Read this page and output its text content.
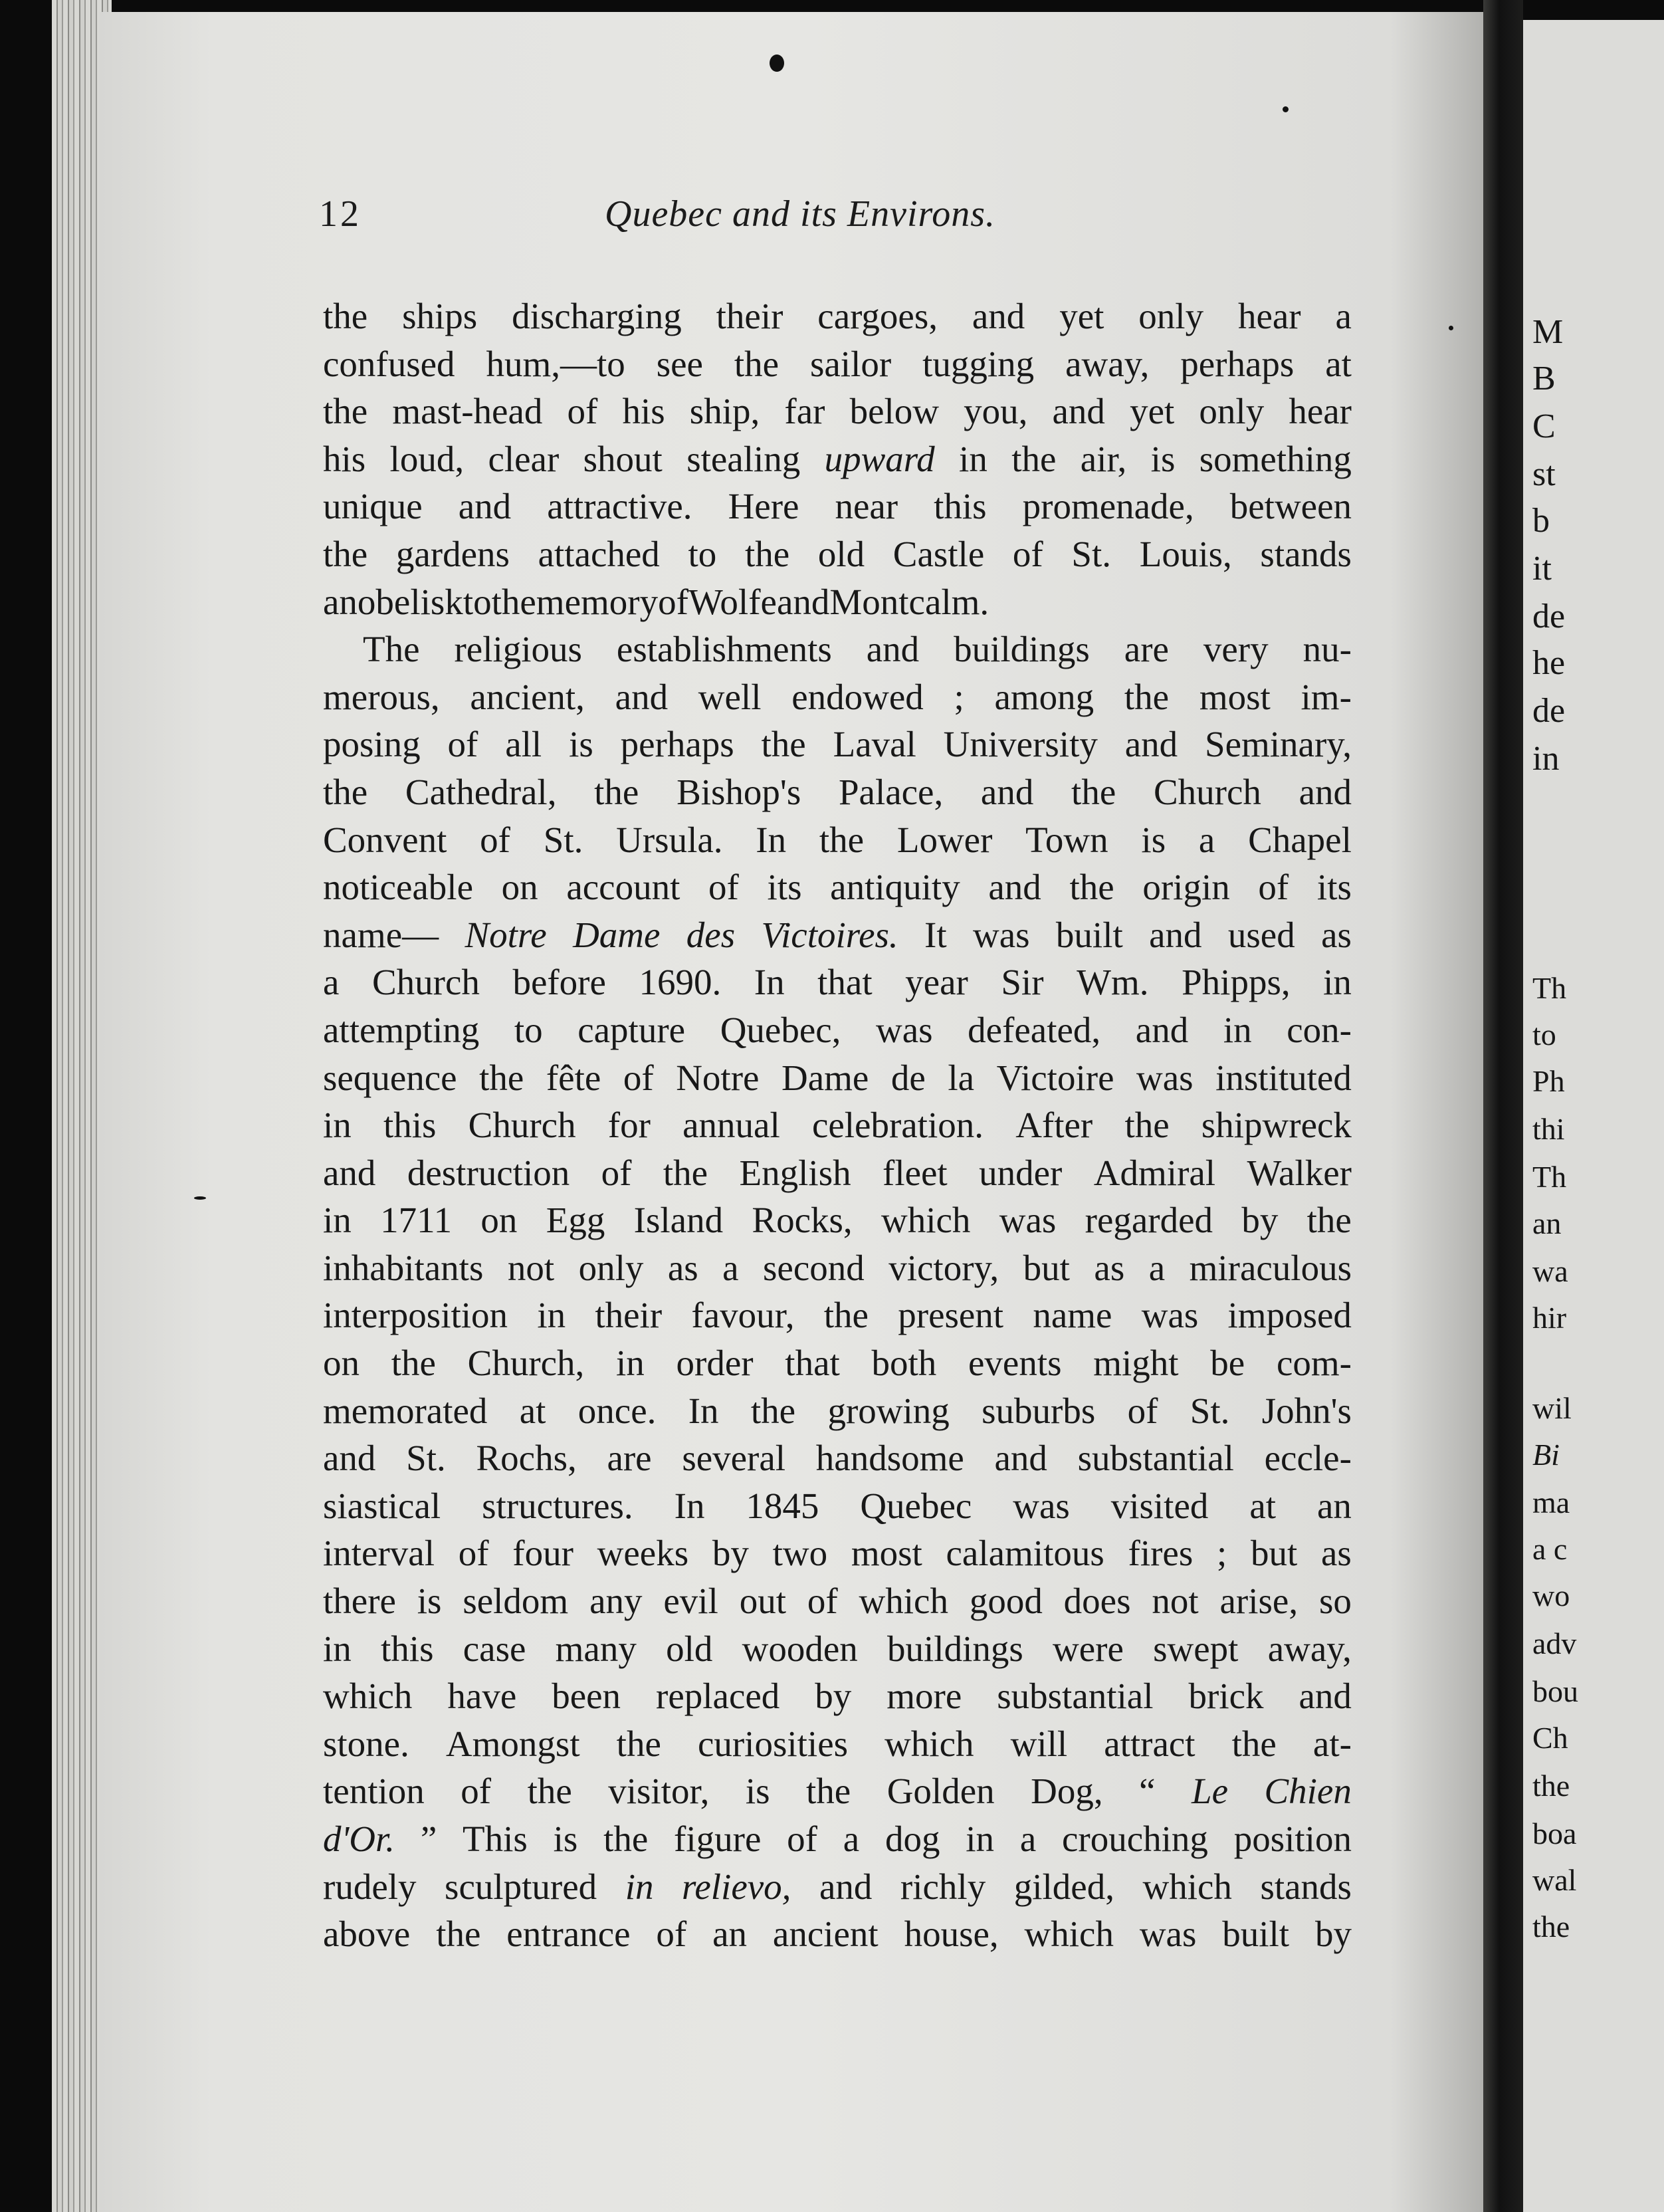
12	Quebec and its Environs.
the ships discharging their cargoes, and yet only hear a
confused hum,—to see the sailor tugging away, perhaps at
the mast-head of his ship, far below you, and yet only hear
his loud, clear shout stealing upward in the air, is something
unique and attractive. Here near this promenade, between
the gardens attached to the old Castle of St. Louis, stands
an obelisk to the memory of Wolfe and Montcalm.
The religious establishments and buildings are very nu-
merous, ancient, and well endowed ; among the most im-
posing of all is perhaps the Laval University and Seminary,
the Cathedral, the Bishop's Palace, and the Church and
Convent of St. Ursula. In the Lower Town is a Chapel
noticeable on account of its antiquity and the origin of its
name— Notre Dame des Victoires. It was built and used as
a Church before 1690. In that year Sir Wm. Phipps, in
attempting to capture Quebec, was defeated, and in con-
sequence the fête of Notre Dame de la Victoire was instituted
in this Church for annual celebration. After the shipwreck
and destruction of the English fleet under Admiral Walker
in 1711 on Egg Island Rocks, which was regarded by the
inhabitants not only as a second victory, but as a miraculous
interposition in their favour, the present name was imposed
on the Church, in order that both events might be com-
memorated at once. In the growing suburbs of St. John's
and St. Rochs, are several handsome and substantial eccle-
siastical structures. In 1845 Quebec was visited at an
interval of four weeks by two most calamitous fires ; but as
there is seldom any evil out of which good does not arise, so
in this case many old wooden buildings were swept away,
which have been replaced by more substantial brick and
stone. Amongst the curiosities which will attract the at-
tention of the visitor, is the Golden Dog, “ Le Chien
d'Or. ” This is the figure of a dog in a crouching position
rudely sculptured in relievo, and richly gilded, which stands
above the entrance of an ancient house, which was built by
M
B
C
st
b
it
de
he
de
in
Th
to
Ph
thi
Th
an
wa
hir
wil
Bi
ma
a c
wo
adv
bou
Ch
the
boa
wal
the
